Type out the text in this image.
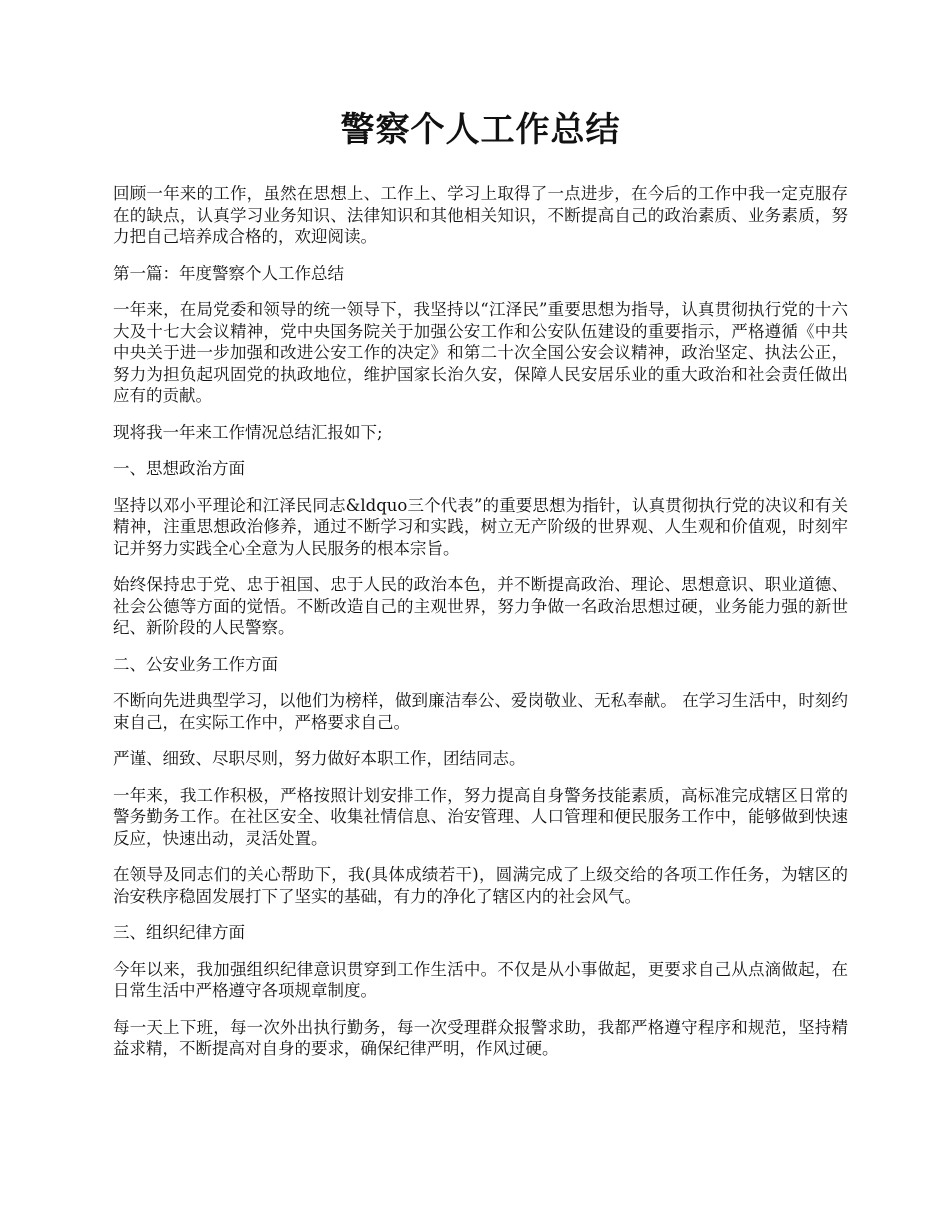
警察个人工作总结

回顾一年来的工作，虽然在思想上、工作上、学习上取得了一点进步，在今后的工作中我一定克服存在的缺点，认真学习业务知识、法律知识和其他相关知识，不断提高自己的政治素质、业务素质，努力把自己培养成合格的，欢迎阅读。

第一篇：年度警察个人工作总结

一年来，在局党委和领导的统一领导下，我坚持以“江泽民”重要思想为指导，认真贯彻执行党的十六大及十七大会议精神，党中央国务院关于加强公安工作和公安队伍建设的重要指示，严格遵循《中共中央关于进一步加强和改进公安工作的决定》和第二十次全国公安会议精神，政治坚定、执法公正，努力为担负起巩固党的执政地位，维护国家长治久安，保障人民安居乐业的重大政治和社会责任做出应有的贡献。

现将我一年来工作情况总结汇报如下;

一、思想政治方面

坚持以邓小平理论和江泽民同志&ldquo三个代表”的重要思想为指针，认真贯彻执行党的决议和有关精神，注重思想政治修养，通过不断学习和实践，树立无产阶级的世界观、人生观和价值观，时刻牢记并努力实践全心全意为人民服务的根本宗旨。

始终保持忠于党、忠于祖国、忠于人民的政治本色，并不断提高政治、理论、思想意识、职业道德、社会公德等方面的觉悟。不断改造自己的主观世界，努力争做一名政治思想过硬，业务能力强的新世纪、新阶段的人民警察。

二、公安业务工作方面

不断向先进典型学习，以他们为榜样，做到廉洁奉公、爱岗敬业、无私奉献。 在学习生活中，时刻约束自己，在实际工作中，严格要求自己。

严谨、细致、尽职尽则，努力做好本职工作，团结同志。

一年来，我工作积极，严格按照计划安排工作，努力提高自身警务技能素质，高标准完成辖区日常的警务勤务工作。在社区安全、收集社情信息、治安管理、人口管理和便民服务工作中，能够做到快速反应，快速出动，灵活处置。

在领导及同志们的关心帮助下，我(具体成绩若干)，圆满完成了上级交给的各项工作任务，为辖区的治安秩序稳固发展打下了坚实的基础，有力的净化了辖区内的社会风气。

三、组织纪律方面

今年以来，我加强组织纪律意识贯穿到工作生活中。不仅是从小事做起，更要求自己从点滴做起，在日常生活中严格遵守各项规章制度。

每一天上下班，每一次外出执行勤务，每一次受理群众报警求助，我都严格遵守程序和规范，坚持精益求精，不断提高对自身的要求，确保纪律严明，作风过硬。
